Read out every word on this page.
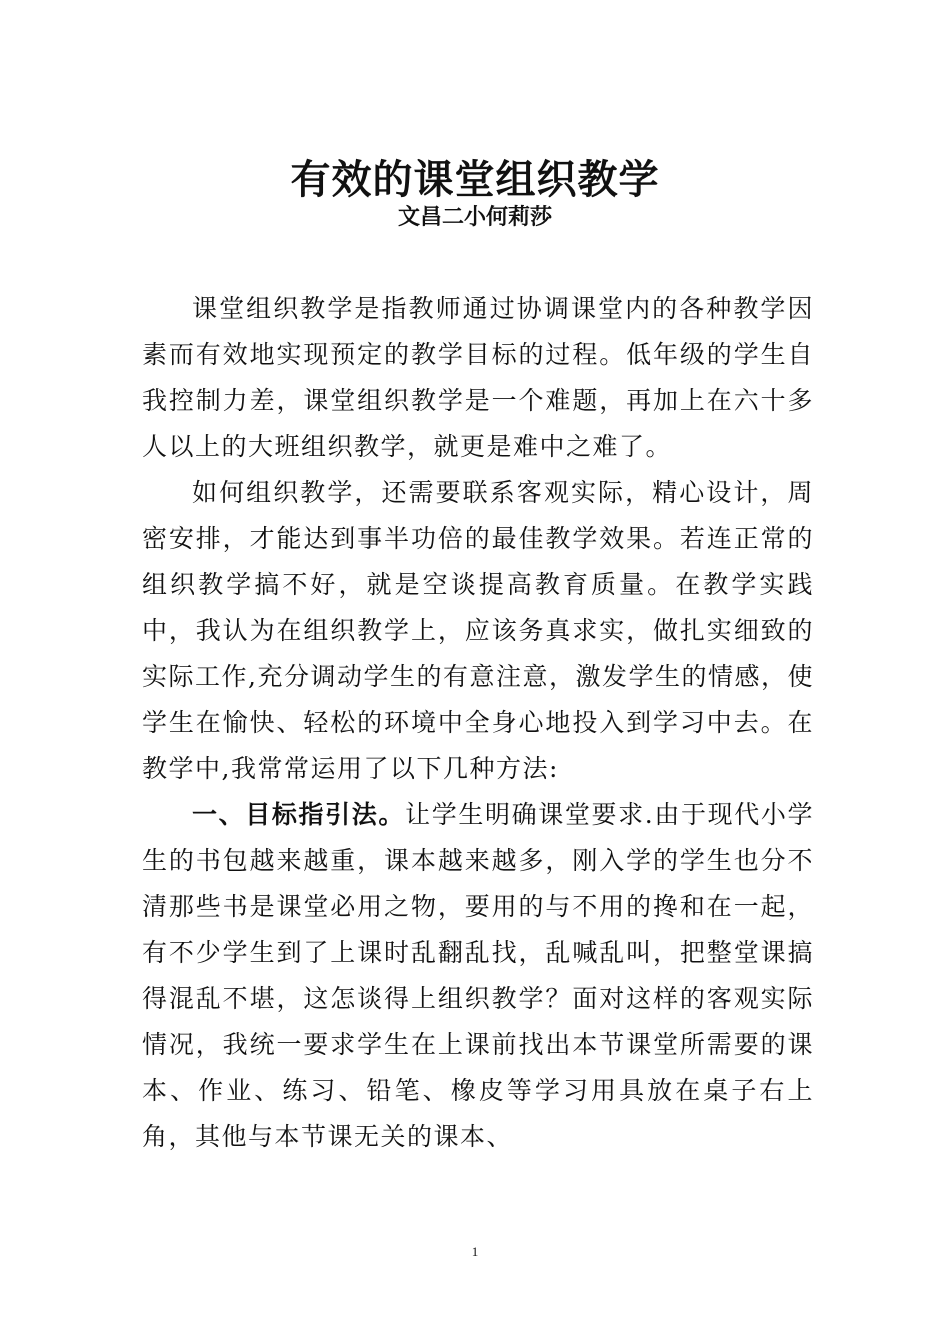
有效的课堂组织教学
文昌二小何莉莎

课堂组织教学是指教师通过协调课堂内的各种教学因素而有效地实现预定的教学目标的过程。低年级的学生自我控制力差，课堂组织教学是一个难题，再加上在六十多人以上的大班组织教学，就更是难中之难了。

如何组织教学，还需要联系客观实际，精心设计，周密安排，才能达到事半功倍的最佳教学效果。若连正常的组织教学搞不好，就是空谈提高教育质量。在教学实践中，我认为在组织教学上，应该务真求实，做扎实细致的实际工作,充分调动学生的有意注意，激发学生的情感，使学生在愉快、轻松的环境中全身心地投入到学习中去。在教学中,我常常运用了以下几种方法:

一、目标指引法。让学生明确课堂要求.由于现代小学生的书包越来越重，课本越来越多，刚入学的学生也分不清那些书是课堂必用之物，要用的与不用的搀和在一起，有不少学生到了上课时乱翻乱找，乱喊乱叫，把整堂课搞得混乱不堪，这怎谈得上组织教学？面对这样的客观实际情况，我统一要求学生在上课前找出本节课堂所需要的课本、作业、练习、铅笔、橡皮等学习用具放在桌子右上角，其他与本节课无关的课本、

1
